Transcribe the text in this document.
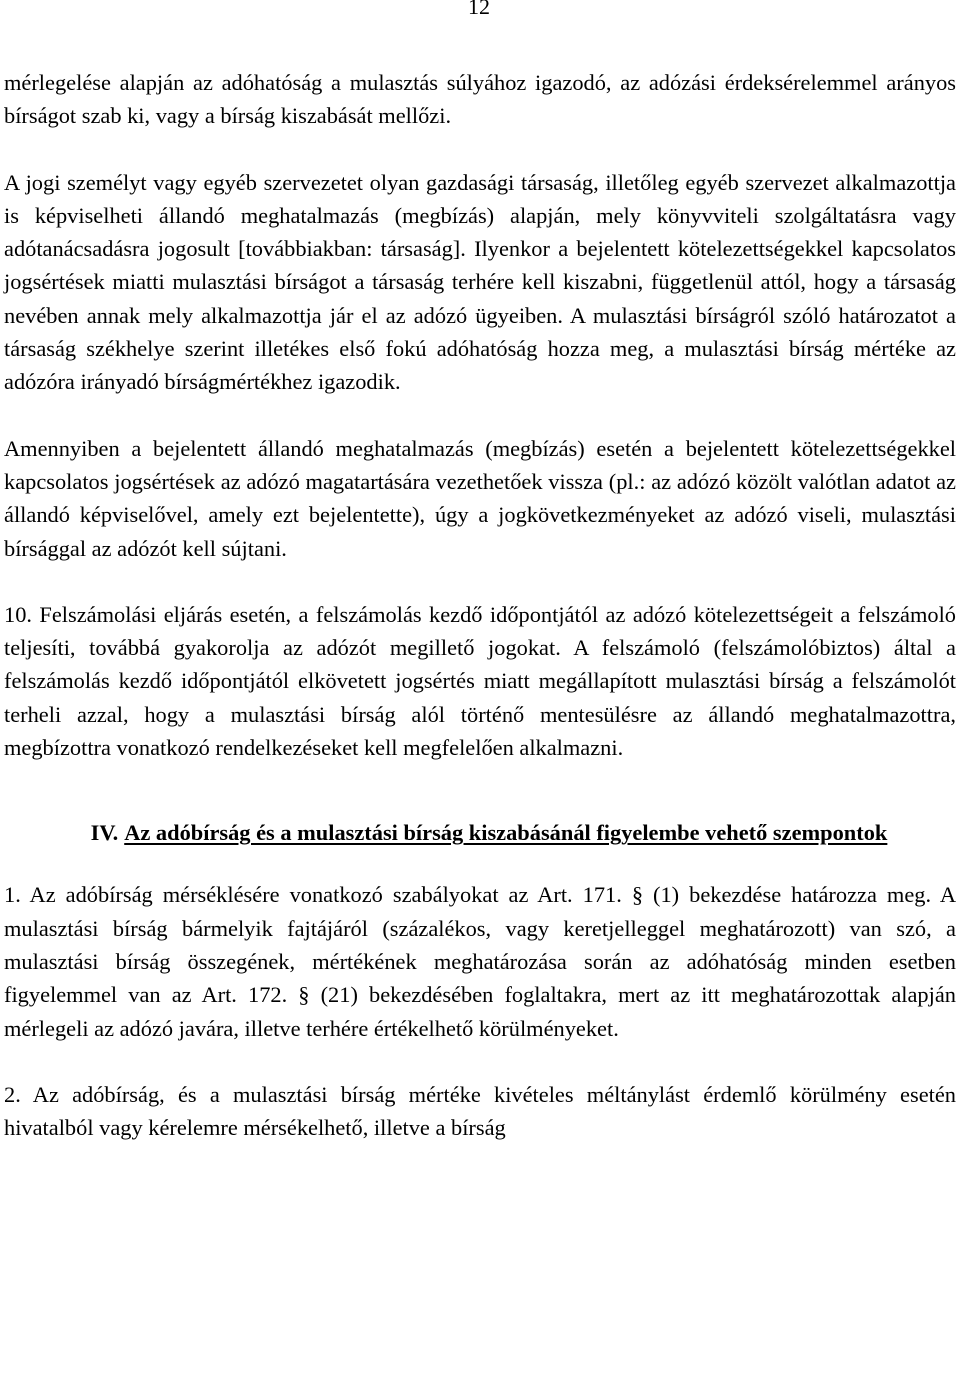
12

mérlegelése alapján az adóhatóság a mulasztás súlyához igazodó, az adózási érdeksérelemmel arányos bírságot szab ki, vagy a bírság kiszabását mellőzi.

A jogi személyt vagy egyéb szervezetet olyan gazdasági társaság, illetőleg egyéb szervezet alkalmazottja is képviselheti állandó meghatalmazás (megbízás) alapján, mely könyvviteli szolgáltatásra vagy adótanácsadásra jogosult [továbbiakban: társaság]. Ilyenkor a bejelentett kötelezettségekkel kapcsolatos jogsértések miatti mulasztási bírságot a társaság terhére kell kiszabni, függetlenül attól, hogy a társaság nevében annak mely alkalmazottja jár el az adózó ügyeiben. A mulasztási bírságról szóló határozatot a társaság székhelye szerint illetékes első fokú adóhatóság hozza meg, a mulasztási bírság mértéke az adózóra irányadó bírságmértékhez igazodik.

Amennyiben a bejelentett állandó meghatalmazás (megbízás) esetén a bejelentett kötelezettségekkel kapcsolatos jogsértések az adózó magatartására vezethetőek vissza (pl.: az adózó közölt valótlan adatot az állandó képviselővel, amely ezt bejelentette), úgy a jogkövetkezményeket az adózó viseli, mulasztási bírsággal az adózót kell sújtani.

10. Felszámolási eljárás esetén, a felszámolás kezdő időpontjától az adózó kötelezettségeit a felszámoló teljesíti, továbbá gyakorolja az adózót megillető jogokat. A felszámoló (felszámolóbiztos) által a felszámolás kezdő időpontjától elkövetett jogsértés miatt megállapított mulasztási bírság a felszámolót terheli azzal, hogy a mulasztási bírság alól történő mentesülésre az állandó meghatalmazottra, megbízottra vonatkozó rendelkezéseket kell megfelelően alkalmazni.

IV. Az adóbírság és a mulasztási bírság kiszabásánál figyelembe vehető szempontok

1. Az adóbírság mérséklésére vonatkozó szabályokat az Art. 171. § (1) bekezdése határozza meg. A mulasztási bírság bármelyik fajtájáról (százalékos, vagy keretjelleggel meghatározott) van szó, a mulasztási bírság összegének, mértékének meghatározása során az adóhatóság minden esetben figyelemmel van az Art. 172. § (21) bekezdésében foglaltakra, mert az itt meghatározottak alapján mérlegeli az adózó javára, illetve terhére értékelhető körülményeket.

2. Az adóbírság, és a mulasztási bírság mértéke kivételes méltánylást érdemlő körülmény esetén hivatalból vagy kérelemre mérsékelhető, illetve a bírság
